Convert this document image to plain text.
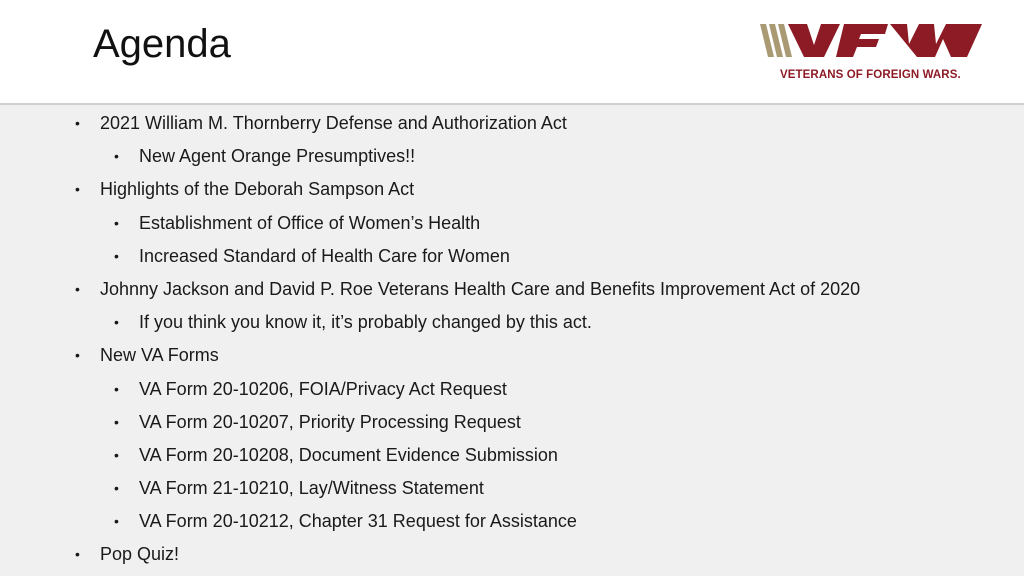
Agenda
VETERANS OF FOREIGN WARS.
• 2021 William M. Thornberry Defense and Authorization Act
• New Agent Orange Presumptives!!
• Highlights of the Deborah Sampson Act
• Establishment of Office of Women’s Health
• Increased Standard of Health Care for Women
• Johnny Jackson and David P. Roe Veterans Health Care and Benefits Improvement Act of 2020
• If you think you know it, it’s probably changed by this act.
• New VA Forms
• VA Form 20-10206, FOIA/Privacy Act Request
• VA Form 20-10207, Priority Processing Request
• VA Form 20-10208, Document Evidence Submission
• VA Form 21-10210, Lay/Witness Statement
• VA Form 20-10212, Chapter 31 Request for Assistance
• Pop Quiz!
